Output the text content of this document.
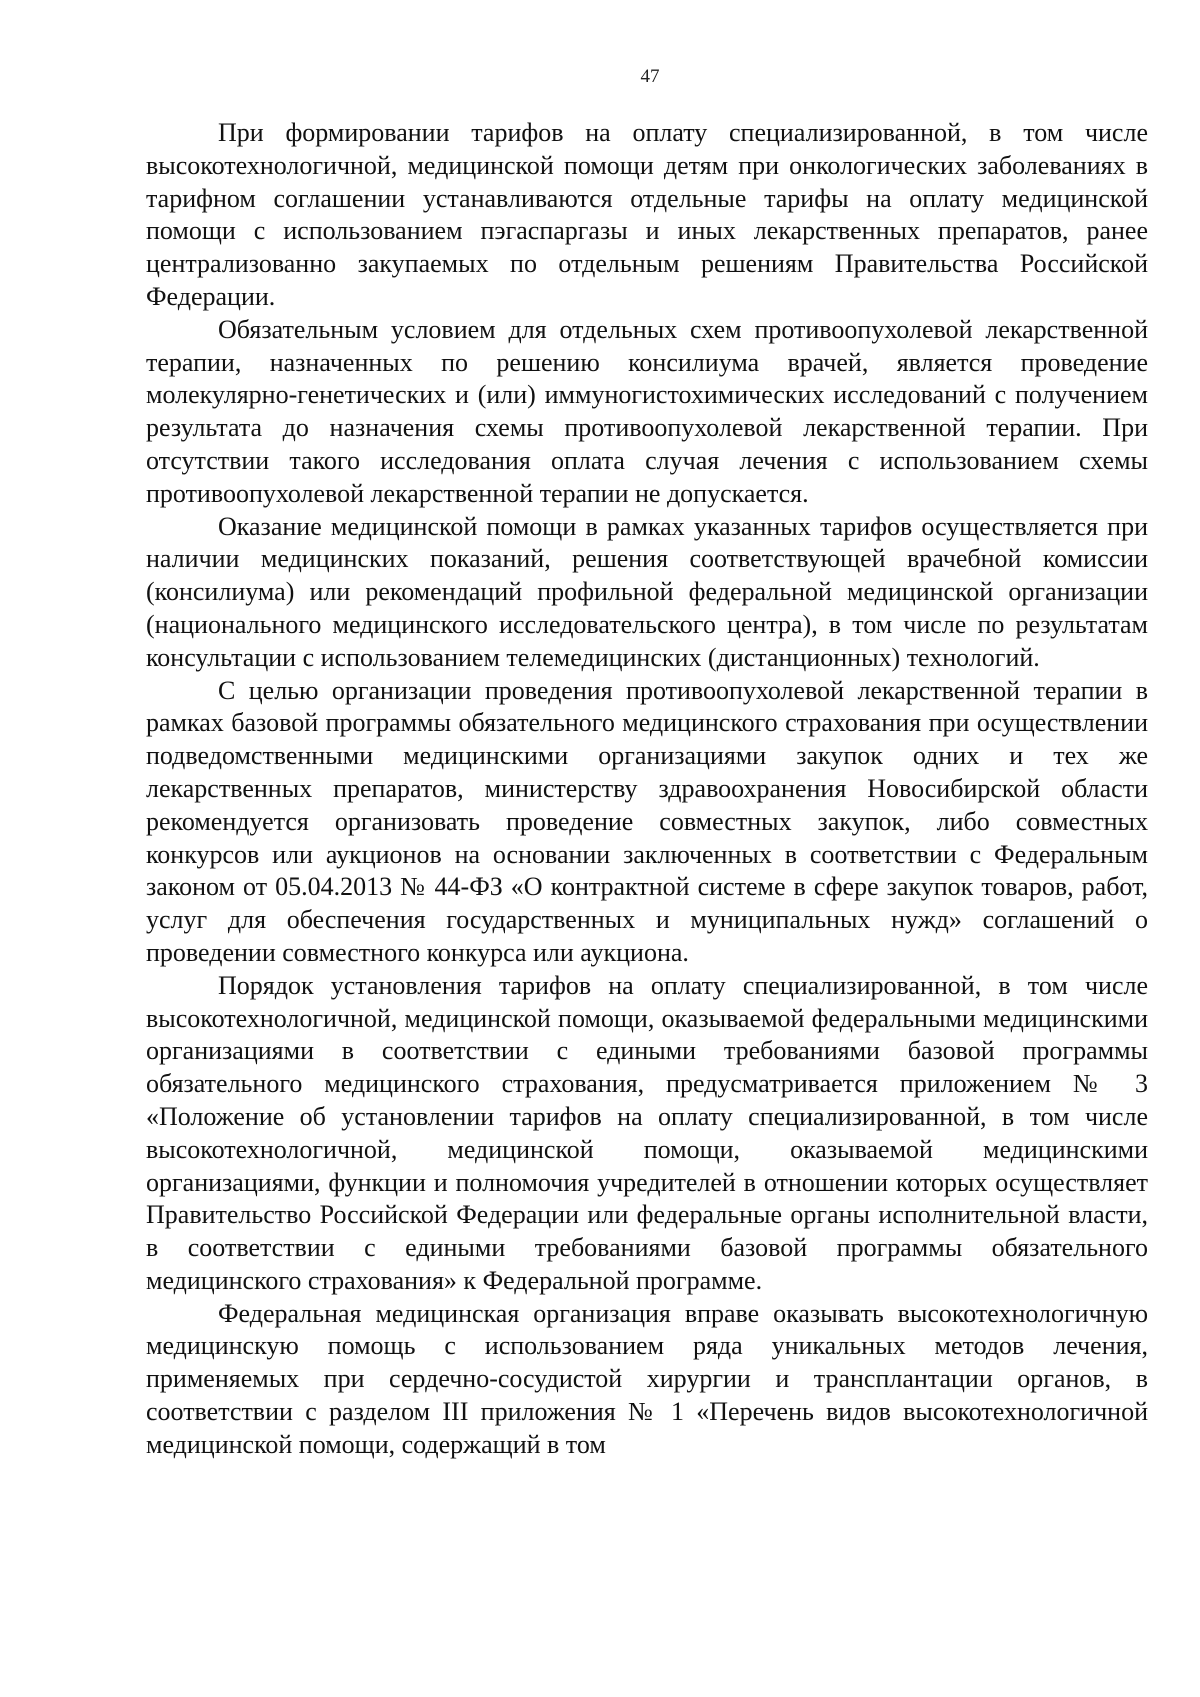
47

При формировании тарифов на оплату специализированной, в том числе высокотехнологичной, медицинской помощи детям при онкологических заболеваниях в тарифном соглашении устанавливаются отдельные тарифы на оплату медицинской помощи с использованием пэгаспаргазы и иных лекарственных препаратов, ранее централизованно закупаемых по отдельным решениям Правительства Российской Федерации.

Обязательным условием для отдельных схем противоопухолевой лекарственной терапии, назначенных по решению консилиума врачей, является проведение молекулярно-генетических и (или) иммуногистохимических исследований с получением результата до назначения схемы противоопухолевой лекарственной терапии. При отсутствии такого исследования оплата случая лечения с использованием схемы противоопухолевой лекарственной терапии не допускается.

Оказание медицинской помощи в рамках указанных тарифов осуществляется при наличии медицинских показаний, решения соответствующей врачебной комиссии (консилиума) или рекомендаций профильной федеральной медицинской организации (национального медицинского исследовательского центра), в том числе по результатам консультации с использованием телемедицинских (дистанционных) технологий.

С целью организации проведения противоопухолевой лекарственной терапии в рамках базовой программы обязательного медицинского страхования при осуществлении подведомственными медицинскими организациями закупок одних и тех же лекарственных препаратов, министерству здравоохранения Новосибирской области рекомендуется организовать проведение совместных закупок, либо совместных конкурсов или аукционов на основании заключенных в соответствии с Федеральным законом от 05.04.2013 № 44-ФЗ «О контрактной системе в сфере закупок товаров, работ, услуг для обеспечения государственных и муниципальных нужд» соглашений о проведении совместного конкурса или аукциона.

Порядок установления тарифов на оплату специализированной, в том числе высокотехнологичной, медицинской помощи, оказываемой федеральными медицинскими организациями в соответствии с едиными требованиями базовой программы обязательного медицинского страхования, предусматривается приложением № 3 «Положение об установлении тарифов на оплату специализированной, в том числе высокотехнологичной, медицинской помощи, оказываемой медицинскими организациями, функции и полномочия учредителей в отношении которых осуществляет Правительство Российской Федерации или федеральные органы исполнительной власти, в соответствии с едиными требованиями базовой программы обязательного медицинского страхования» к Федеральной программе.

Федеральная медицинская организация вправе оказывать высокотехнологичную медицинскую помощь с использованием ряда уникальных методов лечения, применяемых при сердечно-сосудистой хирургии и трансплантации органов, в соответствии с разделом III приложения № 1 «Перечень видов высокотехнологичной медицинской помощи, содержащий в том
